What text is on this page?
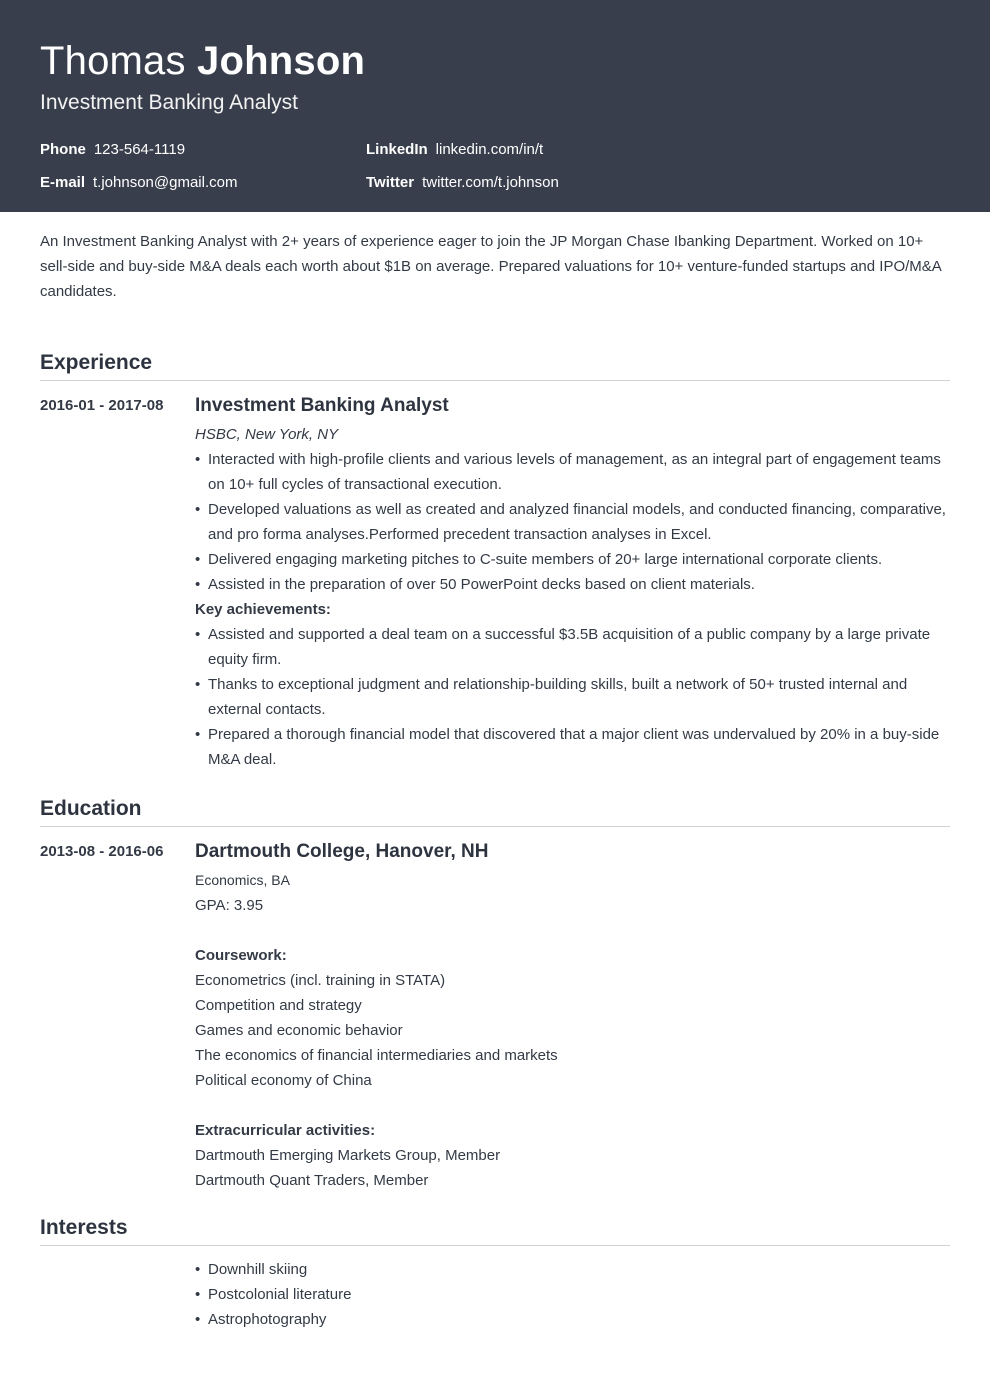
Thomas Johnson
Investment Banking Analyst
Phone 123-564-1119	LinkedIn linkedin.com/in/t
E-mail t.johnson@gmail.com	Twitter twitter.com/t.johnson

An Investment Banking Analyst with 2+ years of experience eager to join the JP Morgan Chase Ibanking Department. Worked on 10+ sell-side and buy-side M&A deals each worth about $1B on average. Prepared valuations for 10+ venture-funded startups and IPO/M&A candidates.

Experience
2016-01 - 2017-08	Investment Banking Analyst
HSBC, New York, NY
• Interacted with high-profile clients and various levels of management, as an integral part of engagement teams on 10+ full cycles of transactional execution.
• Developed valuations as well as created and analyzed financial models, and conducted financing, comparative, and pro forma analyses.Performed precedent transaction analyses in Excel.
• Delivered engaging marketing pitches to C-suite members of 20+ large international corporate clients.
• Assisted in the preparation of over 50 PowerPoint decks based on client materials.
Key achievements:
• Assisted and supported a deal team on a successful $3.5B acquisition of a public company by a large private equity firm.
• Thanks to exceptional judgment and relationship-building skills, built a network of 50+ trusted internal and external contacts.
• Prepared a thorough financial model that discovered that a major client was undervalued by 20% in a buy-side M&A deal.
Education
2013-08 - 2016-06	Dartmouth College, Hanover, NH
Economics, BA
GPA: 3.95
Coursework:
Econometrics (incl. training in STATA)
Competition and strategy
Games and economic behavior
The economics of financial intermediaries and markets
Political economy of China
Extracurricular activities:
Dartmouth Emerging Markets Group, Member
Dartmouth Quant Traders, Member
Interests
• Downhill skiing
• Postcolonial literature
• Astrophotography
